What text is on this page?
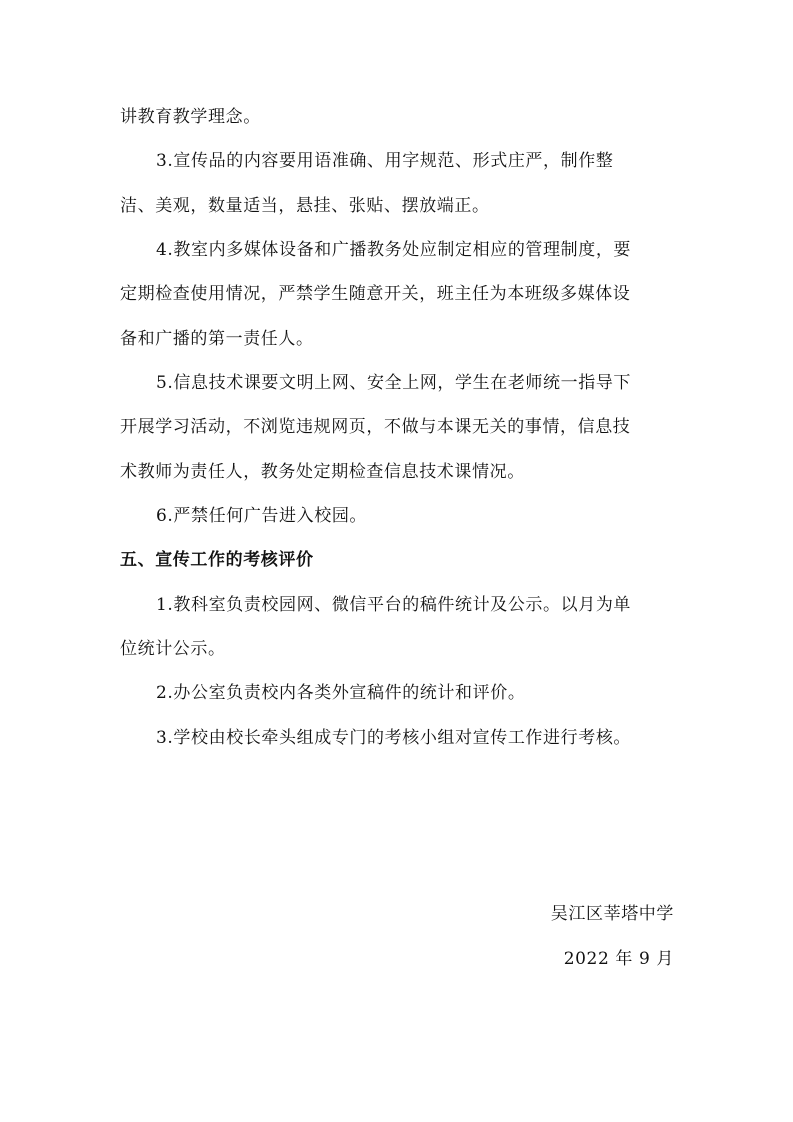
讲教育教学理念。
3.宣传品的内容要用语准确、用字规范、形式庄严，制作整
洁、美观，数量适当，悬挂、张贴、摆放端正。
4.教室内多媒体设备和广播教务处应制定相应的管理制度，要
定期检查使用情况，严禁学生随意开关，班主任为本班级多媒体设
备和广播的第一责任人。
5.信息技术课要文明上网、安全上网，学生在老师统一指导下
开展学习活动，不浏览违规网页，不做与本课无关的事情，信息技
术教师为责任人，教务处定期检查信息技术课情况。
6.严禁任何广告进入校园。
五、宣传工作的考核评价
1.教科室负责校园网、微信平台的稿件统计及公示。以月为单
位统计公示。
2.办公室负责校内各类外宣稿件的统计和评价。
3.学校由校长牵头组成专门的考核小组对宣传工作进行考核。
吴江区莘塔中学
2022 年 9 月
